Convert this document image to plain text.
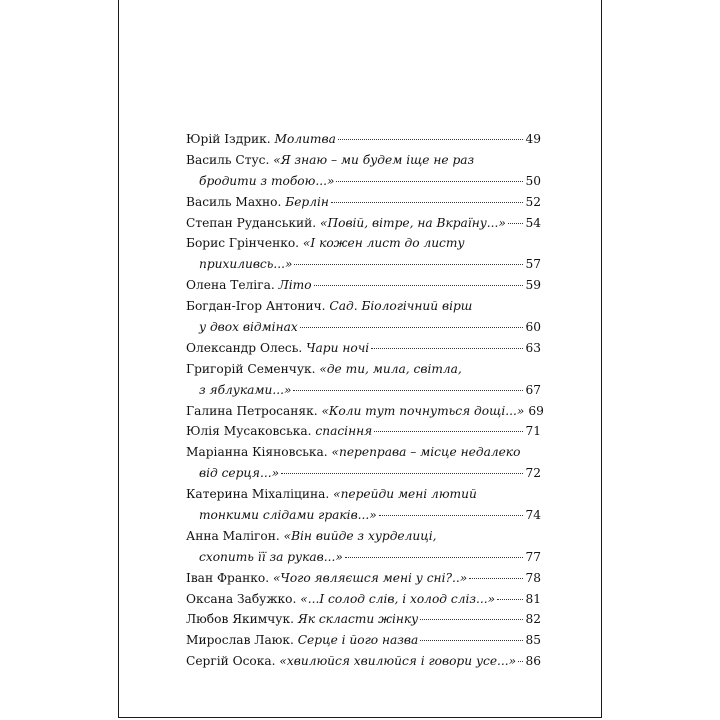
Юрій Іздрик. Молитва	49
Василь Стус. «Я знаю – ми будем іще не раз
бродити з тобою...»	50
Василь Махно. Берлін	52
Степан Руданський. «Повій, вітре, на Вкраїну...» 54
Борис Грінченко. «І кожен лист до листу
прихиливсь...»	57
Олена Теліга. Літо	59
Богдан-Ігор Антонич. Сад. Біологічний вірш
у двох відмінах	60
Олександр Олесь. Чари ночі	63
Григорій Семенчук. «де ти, мила, світла,
з яблуками...»	67
Галина Петросаняк. «Коли тут почнуться дощі...» 69
Юлія Мусаковська. спасіння	71
Маріанна Кіяновська. «переправа – місце недалеко
від серця...»	72
Катерина Міхаліцина. «перейди мені лютий
тонкими слідами граків...»	74
Анна Малігон. «Він вийде з хурделиці,
схопить її за рукав...»	77
Іван Франко. «Чого являєшся мені у сні?..»	78
Оксана Забужко. «...І солод слів, і холод сліз...» 81
Любов Якимчук. Як скласти жінку	82
Мирослав Лаюк. Серце і його назва	85
Сергій Осока. «хвилюйся хвилюйся і говори усе...» 86
